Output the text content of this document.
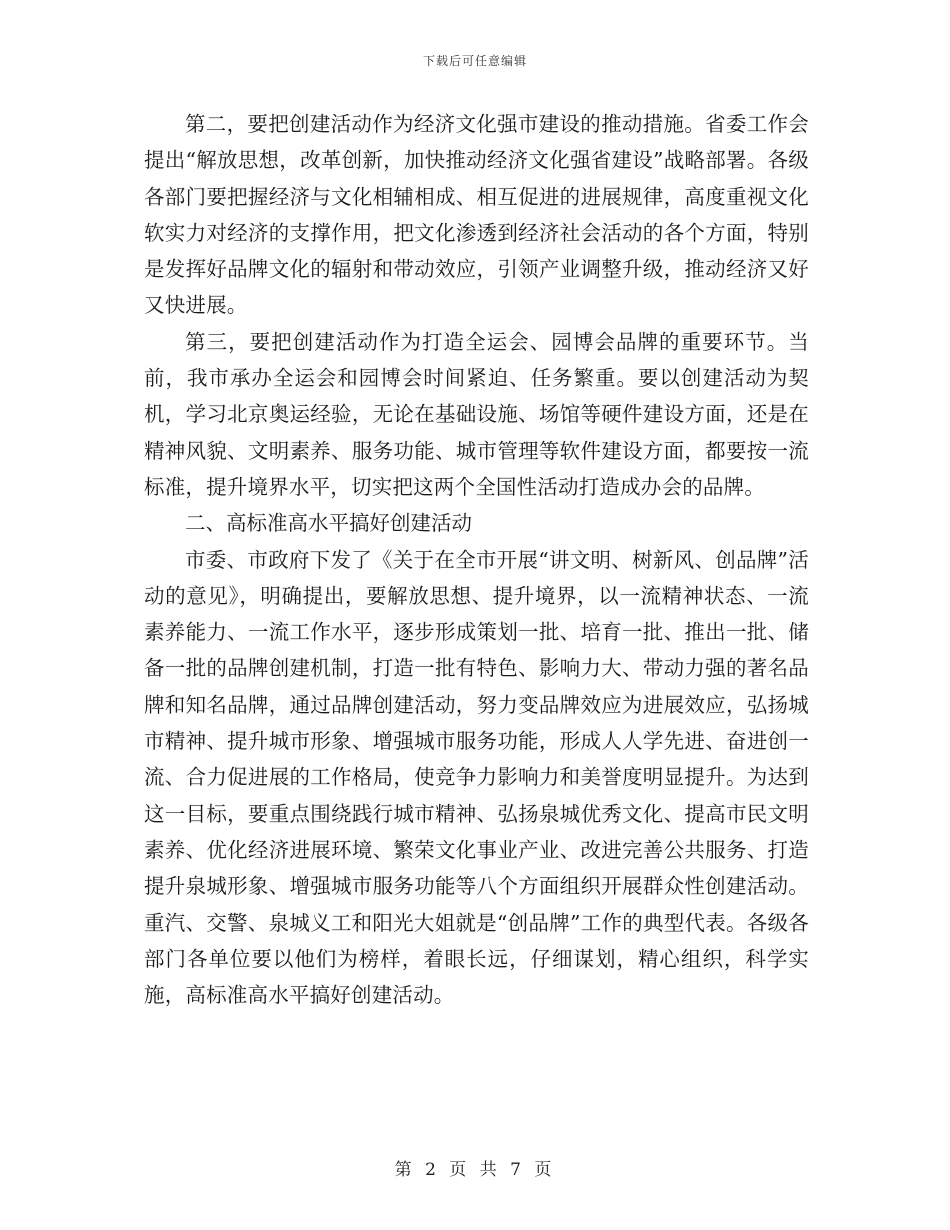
下载后可任意编辑

第二，要把创建活动作为经济文化强市建设的推动措施。省委工作会提出“解放思想，改革创新，加快推动经济文化强省建设”战略部署。各级各部门要把握经济与文化相辅相成、相互促进的进展规律，高度重视文化软实力对经济的支撑作用，把文化渗透到经济社会活动的各个方面，特别是发挥好品牌文化的辐射和带动效应，引领产业调整升级，推动经济又好又快进展。

第三，要把创建活动作为打造全运会、园博会品牌的重要环节。当前，我市承办全运会和园博会时间紧迫、任务繁重。要以创建活动为契机，学习北京奥运经验，无论在基础设施、场馆等硬件建设方面，还是在精神风貌、文明素养、服务功能、城市管理等软件建设方面，都要按一流标准，提升境界水平，切实把这两个全国性活动打造成办会的品牌。

二、高标准高水平搞好创建活动

市委、市政府下发了《关于在全市开展“讲文明、树新风、创品牌”活动的意见》，明确提出，要解放思想、提升境界，以一流精神状态、一流素养能力、一流工作水平，逐步形成策划一批、培育一批、推出一批、储备一批的品牌创建机制，打造一批有特色、影响力大、带动力强的著名品牌和知名品牌，通过品牌创建活动，努力变品牌效应为进展效应，弘扬城市精神、提升城市形象、增强城市服务功能，形成人人学先进、奋进创一流、合力促进展的工作格局，使竞争力影响力和美誉度明显提升。为达到这一目标，要重点围绕践行城市精神、弘扬泉城优秀文化、提高市民文明素养、优化经济进展环境、繁荣文化事业产业、改进完善公共服务、打造提升泉城形象、增强城市服务功能等八个方面组织开展群众性创建活动。重汽、交警、泉城义工和阳光大姐就是“创品牌”工作的典型代表。各级各部门各单位要以他们为榜样，着眼长远，仔细谋划，精心组织，科学实施，高标准高水平搞好创建活动。

第 2 页 共 7 页
